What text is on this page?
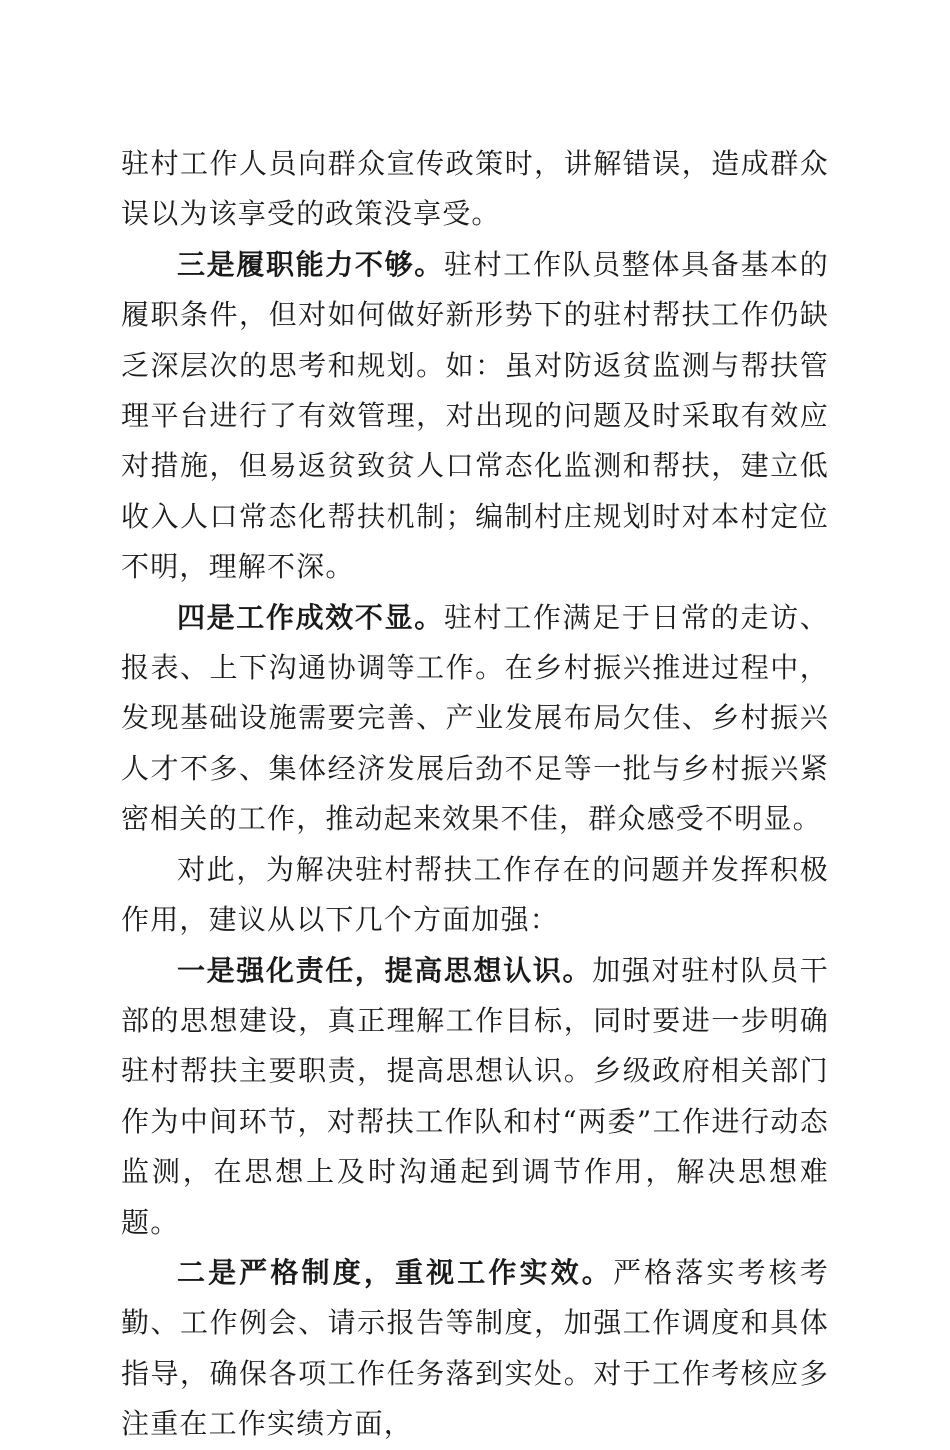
驻村工作人员向群众宣传政策时，讲解错误，造成群众误以为该享受的政策没享受。

三是履职能力不够。驻村工作队员整体具备基本的履职条件，但对如何做好新形势下的驻村帮扶工作仍缺乏深层次的思考和规划。如：虽对防返贫监测与帮扶管理平台进行了有效管理，对出现的问题及时采取有效应对措施，但易返贫致贫人口常态化监测和帮扶，建立低收入人口常态化帮扶机制；编制村庄规划时对本村定位不明，理解不深。

四是工作成效不显。驻村工作满足于日常的走访、报表、上下沟通协调等工作。在乡村振兴推进过程中，发现基础设施需要完善、产业发展布局欠佳、乡村振兴人才不多、集体经济发展后劲不足等一批与乡村振兴紧密相关的工作，推动起来效果不佳，群众感受不明显。

对此，为解决驻村帮扶工作存在的问题并发挥积极作用，建议从以下几个方面加强：

一是强化责任，提高思想认识。加强对驻村队员干部的思想建设，真正理解工作目标，同时要进一步明确驻村帮扶主要职责，提高思想认识。乡级政府相关部门作为中间环节，对帮扶工作队和村“两委”工作进行动态监测，在思想上及时沟通起到调节作用，解决思想难题。

二是严格制度，重视工作实效。严格落实考核考勤、工作例会、请示报告等制度，加强工作调度和具体指导，确保各项工作任务落到实处。对于工作考核应多注重在工作实绩方面，
